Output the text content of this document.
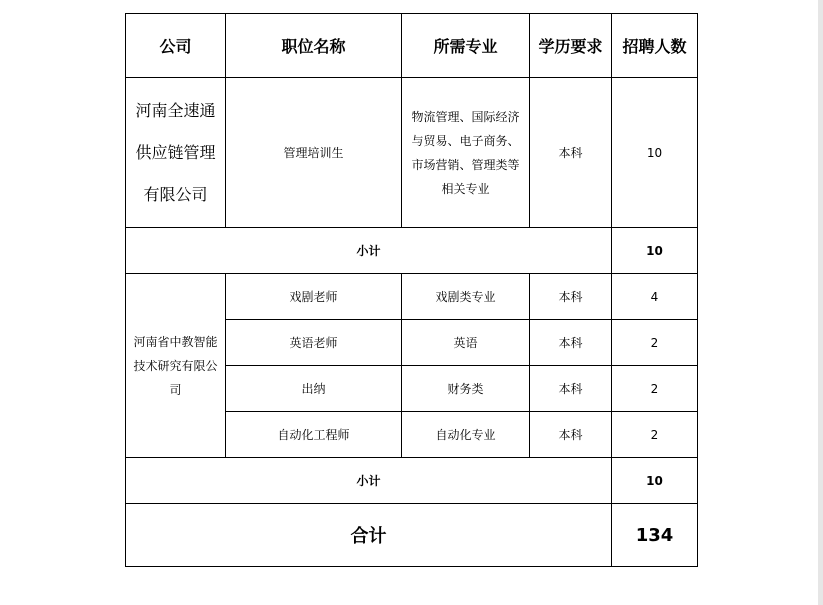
公司	职位名称	所需专业	学历要求	招聘人数

河南全速通供应链管理有限公司	管理培训生	物流管理、国际经济与贸易、电子商务、市场营销、管理类等相关专业	本科	10
小计				10

河南省中教智能技术研究有限公司	戏剧老师	戏剧类专业	本科	4
	英语老师	英语	本科	2
	出纳	财务类	本科	2
	自动化工程师	自动化专业	本科	2
小计				10
合计				134
